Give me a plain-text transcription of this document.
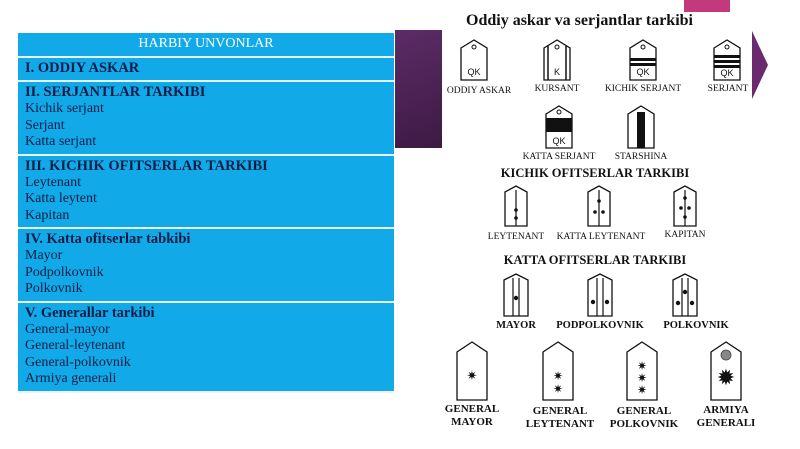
HARBIY UNVONLAR
I. ODDIY ASKAR
II. SERJANTLAR TARKIBI
Kichik serjant
Serjant
Katta serjant
III. KICHIK OFITSERLAR TARKIBI
Leytenant
Katta leytent
Kapitan
IV. Katta ofitserlar tabkibi
Mayor
Podpolkovnik
Polkovnik
V. Generallar tarkibi
General-mayor
General-leytenant
General-polkovnik
Armiya generali
Oddiy askar va serjantlar tarkibi
QK	K	QK	QK
ODDIY ASKAR	KURSANT	KICHIK SERJANT	SERJANT
QK
KATTA SERJANT	STARSHINA
KICHIK OFITSERLAR TARKIBI
LEYTENANT	KATTA LEYTENANT	KAPITAN
KATTA OFITSERLAR TARKIBI
MAYOR	PODPOLKOVNIK	POLKOVNIK
✷	✷
✷
✷
✷
✷	✹
GENERAL MAYOR
GENERAL LEYTENANT
GENERAL POLKOVNIK
ARMIYA GENERALI
